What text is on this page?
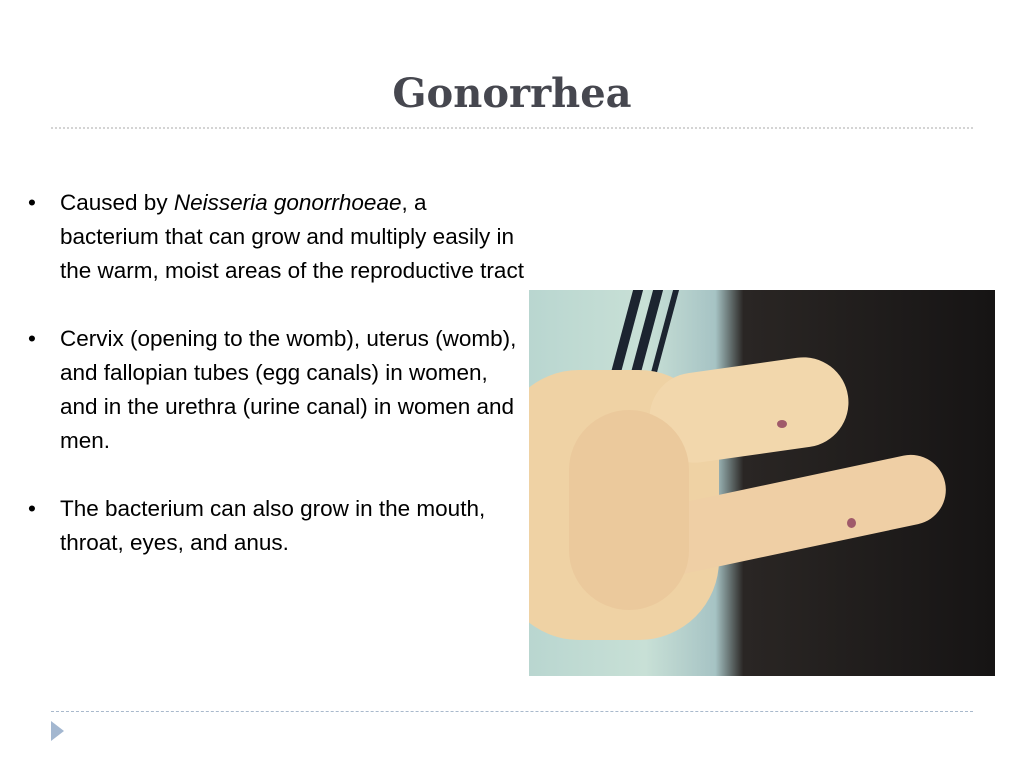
Gonorrhea
• Caused by Neisseria gonorrhoeae, a bacterium that can grow and multiply easily in the warm, moist areas of the reproductive tract
• Cervix (opening to the womb), uterus (womb), and fallopian tubes (egg canals) in women, and in the urethra (urine canal) in women and men.
• The bacterium can also grow in the mouth, throat, eyes, and anus.
